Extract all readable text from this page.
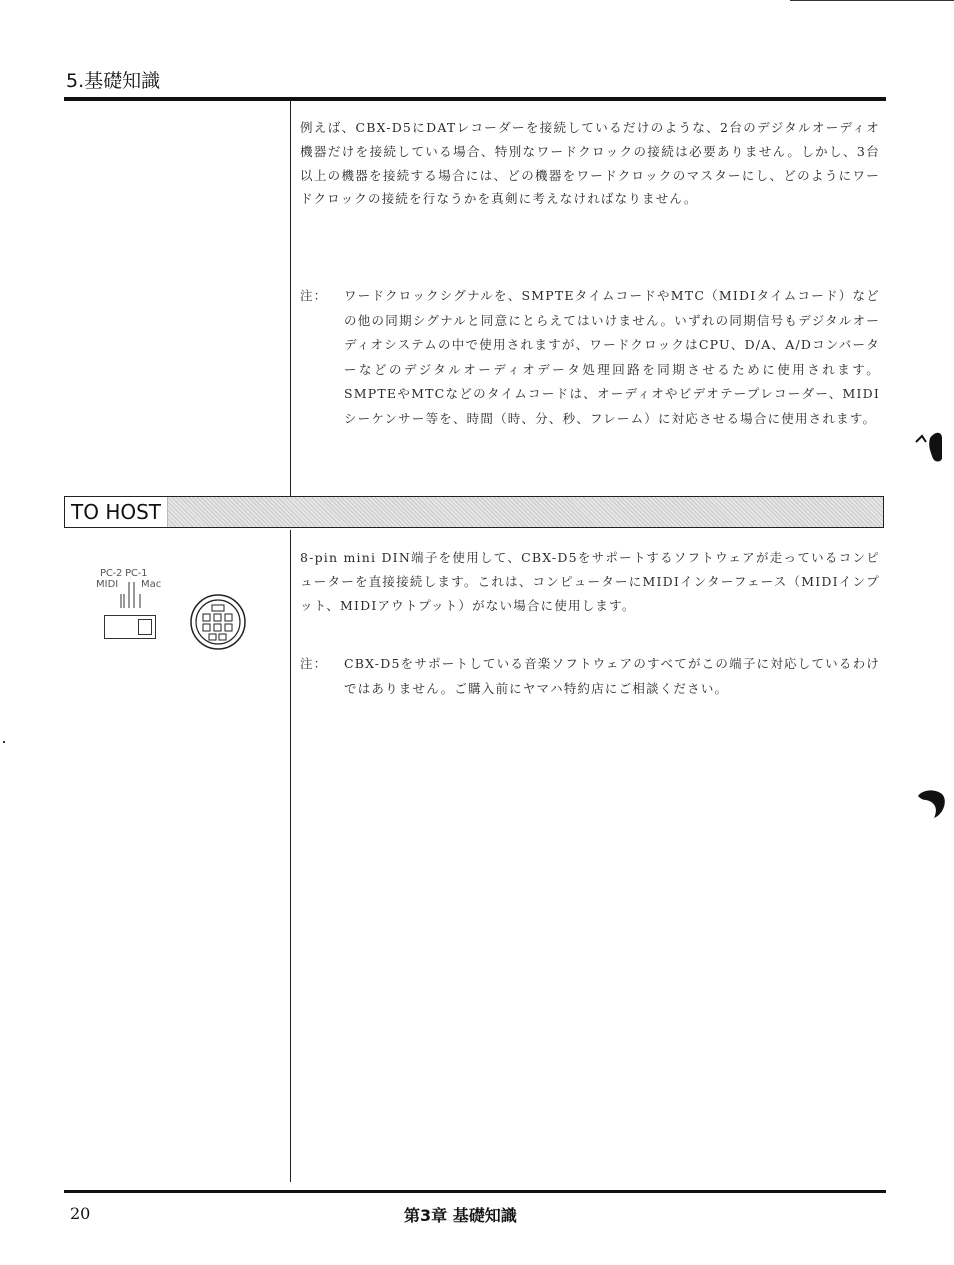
5.基礎知識
例えば、CBX-D5にDATレコーダーを接続しているだけのような、2台のデジタルオーディオ機器だけを接続している場合、特別なワードクロックの接続は必要ありません。しかし、3台以上の機器を接続する場合には、どの機器をワードクロックのマスターにし、どのようにワードクロックの接続を行なうかを真剣に考えなければなりません。
注： ワードクロックシグナルを、SMPTEタイムコードやMTC（MIDIタイムコード）などの他の同期シグナルと同意にとらえてはいけません。いずれの同期信号もデジタルオーディオシステムの中で使用されますが、ワードクロックはCPU、D/A、A/Dコンバーターなどのデジタルオーディオデータ処理回路を同期させるために使用されます。SMPTEやMTCなどのタイムコードは、オーディオやビデオテープレコーダー、MIDIシーケンサー等を、時間（時、分、秒、フレーム）に対応させる場合に使用されます。
TO HOST
PC-2 PC-1
MIDI Mac
8-pin mini DIN端子を使用して、CBX-D5をサポートするソフトウェアが走っているコンピューターを直接接続します。これは、コンピューターにMIDIインターフェース（MIDIインプット、MIDIアウトプット）がない場合に使用します。
注： CBX-D5をサポートしている音楽ソフトウェアのすべてがこの端子に対応しているわけではありません。ご購入前にヤマハ特約店にご相談ください。
20	第3章 基礎知識
